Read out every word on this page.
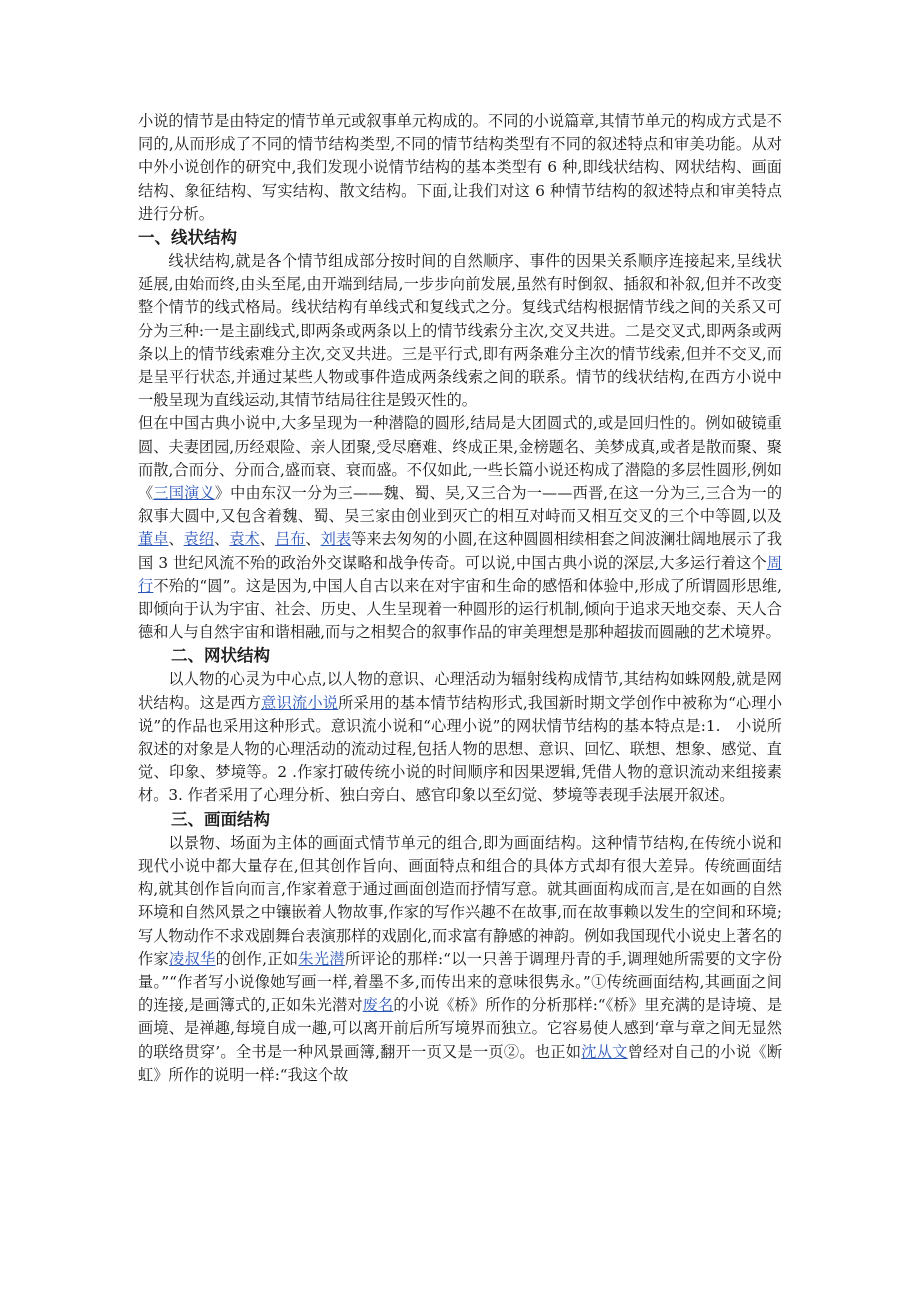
小说的情节是由特定的情节单元或叙事单元构成的。不同的小说篇章,其情节单元的构成方式是不同的,从而形成了不同的情节结构类型,不同的情节结构类型有不同的叙述特点和审美功能。从对中外小说创作的研究中,我们发现小说情节结构的基本类型有 6 种,即线状结构、网状结构、画面结构、象征结构、写实结构、散文结构。下面,让我们对这 6 种情节结构的叙述特点和审美特点进行分析。

一、线状结构

线状结构,就是各个情节组成部分按时间的自然顺序、事件的因果关系顺序连接起来,呈线状延展,由始而终,由头至尾,由开端到结局,一步步向前发展,虽然有时倒叙、插叙和补叙,但并不改变整个情节的线式格局。线状结构有单线式和复线式之分。复线式结构根据情节线之间的关系又可分为三种:一是主副线式,即两条或两条以上的情节线索分主次,交叉共进。二是交叉式,即两条或两条以上的情节线索难分主次,交叉共进。三是平行式,即有两条难分主次的情节线索,但并不交叉,而是呈平行状态,并通过某些人物或事件造成两条线索之间的联系。情节的线状结构,在西方小说中一般呈现为直线运动,其情节结局往往是毁灭性的。

但在中国古典小说中,大多呈现为一种潜隐的圆形,结局是大团圆式的,或是回归性的。例如破镜重圆、夫妻团园,历经艰险、亲人团聚,受尽磨难、终成正果,金榜题名、美梦成真,或者是散而聚、聚而散,合而分、分而合,盛而衰、衰而盛。不仅如此,一些长篇小说还构成了潜隐的多层性圆形,例如《三国演义》中由东汉一分为三——魏、蜀、吴,又三合为一——西晋,在这一分为三,三合为一的叙事大圆中,又包含着魏、蜀、吴三家由创业到灭亡的相互对峙而又相互交叉的三个中等圆,以及董卓、袁绍、袁术、吕布、刘表等来去匆匆的小圆,在这种圆圆相续相套之间波澜壮阔地展示了我国 3 世纪风流不殆的政治外交谋略和战争传奇。可以说,中国古典小说的深层,大多运行着这个周行不殆的“圆”。这是因为,中国人自古以来在对宇宙和生命的感悟和体验中,形成了所谓圆形思维,即倾向于认为宇宙、社会、历史、人生呈现着一种圆形的运行机制,倾向于追求天地交泰、天人合德和人与自然宇宙和谐相融,而与之相契合的叙事作品的审美理想是那种超拔而圆融的艺术境界。

二、网状结构

以人物的心灵为中心点,以人物的意识、心理活动为辐射线构成情节,其结构如蛛网般,就是网状结构。这是西方意识流小说所采用的基本情节结构形式,我国新时期文学创作中被称为“心理小说”的作品也采用这种形式。意识流小说和“心理小说”的网状情节结构的基本特点是:1.　小说所叙述的对象是人物的心理活动的流动过程,包括人物的思想、意识、回忆、联想、想象、感觉、直觉、印象、梦境等。2 .作家打破传统小说的时间顺序和因果逻辑,凭借人物的意识流动来组接素材。3. 作者采用了心理分析、独白旁白、感官印象以至幻觉、梦境等表现手法展开叙述。

三、画面结构

以景物、场面为主体的画面式情节单元的组合,即为画面结构。这种情节结构,在传统小说和现代小说中都大量存在,但其创作旨向、画面特点和组合的具体方式却有很大差异。传统画面结构,就其创作旨向而言,作家着意于通过画面创造而抒情写意。就其画面构成而言,是在如画的自然环境和自然风景之中镶嵌着人物故事,作家的写作兴趣不在故事,而在故事赖以发生的空间和环境;写人物动作不求戏剧舞台表演那样的戏剧化,而求富有静感的神韵。例如我国现代小说史上著名的作家凌叔华的创作,正如朱光潜所评论的那样:“以一只善于调理丹青的手,调理她所需要的文字份量。”“作者写小说像她写画一样,着墨不多,而传出来的意味很隽永。”①传统画面结构,其画面之间的连接,是画簿式的,正如朱光潜对废名的小说《桥》所作的分析那样:“《桥》里充满的是诗境、是画境、是禅趣,每境自成一趣,可以离开前后所写境界而独立。它容易使人感到‘章与章之间无显然的联络贯穿’。全书是一种风景画簿,翻开一页又是一页②。也正如沈从文曾经对自己的小说《断虹》所作的说明一样:“我这个故
